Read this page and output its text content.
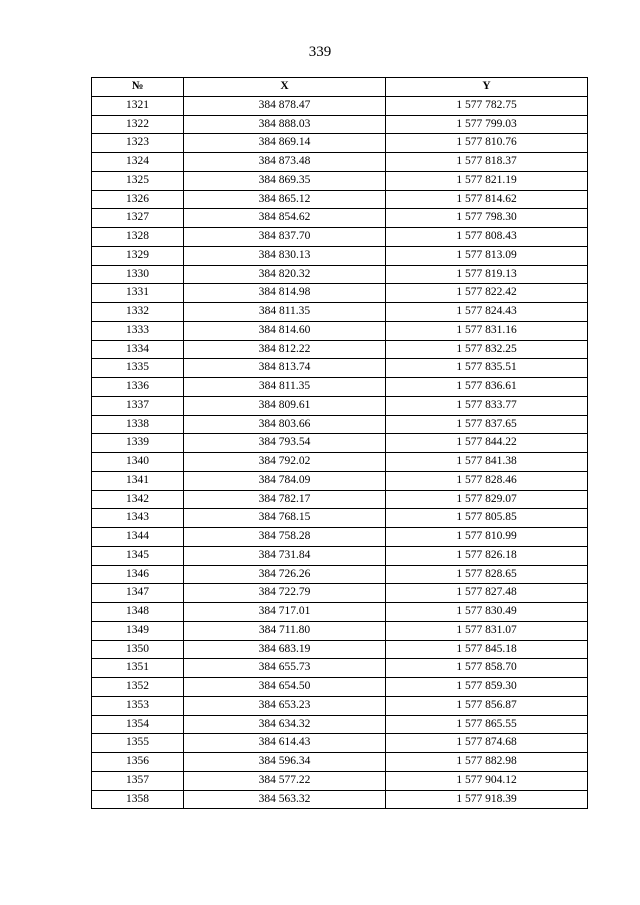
339
№	X	Y
1321	384 878.47	1 577 782.75
1322	384 888.03	1 577 799.03
1323	384 869.14	1 577 810.76
1324	384 873.48	1 577 818.37
1325	384 869.35	1 577 821.19
1326	384 865.12	1 577 814.62
1327	384 854.62	1 577 798.30
1328	384 837.70	1 577 808.43
1329	384 830.13	1 577 813.09
1330	384 820.32	1 577 819.13
1331	384 814.98	1 577 822.42
1332	384 811.35	1 577 824.43
1333	384 814.60	1 577 831.16
1334	384 812.22	1 577 832.25
1335	384 813.74	1 577 835.51
1336	384 811.35	1 577 836.61
1337	384 809.61	1 577 833.77
1338	384 803.66	1 577 837.65
1339	384 793.54	1 577 844.22
1340	384 792.02	1 577 841.38
1341	384 784.09	1 577 828.46
1342	384 782.17	1 577 829.07
1343	384 768.15	1 577 805.85
1344	384 758.28	1 577 810.99
1345	384 731.84	1 577 826.18
1346	384 726.26	1 577 828.65
1347	384 722.79	1 577 827.48
1348	384 717.01	1 577 830.49
1349	384 711.80	1 577 831.07
1350	384 683.19	1 577 845.18
1351	384 655.73	1 577 858.70
1352	384 654.50	1 577 859.30
1353	384 653.23	1 577 856.87
1354	384 634.32	1 577 865.55
1355	384 614.43	1 577 874.68
1356	384 596.34	1 577 882.98
1357	384 577.22	1 577 904.12
1358	384 563.32	1 577 918.39
